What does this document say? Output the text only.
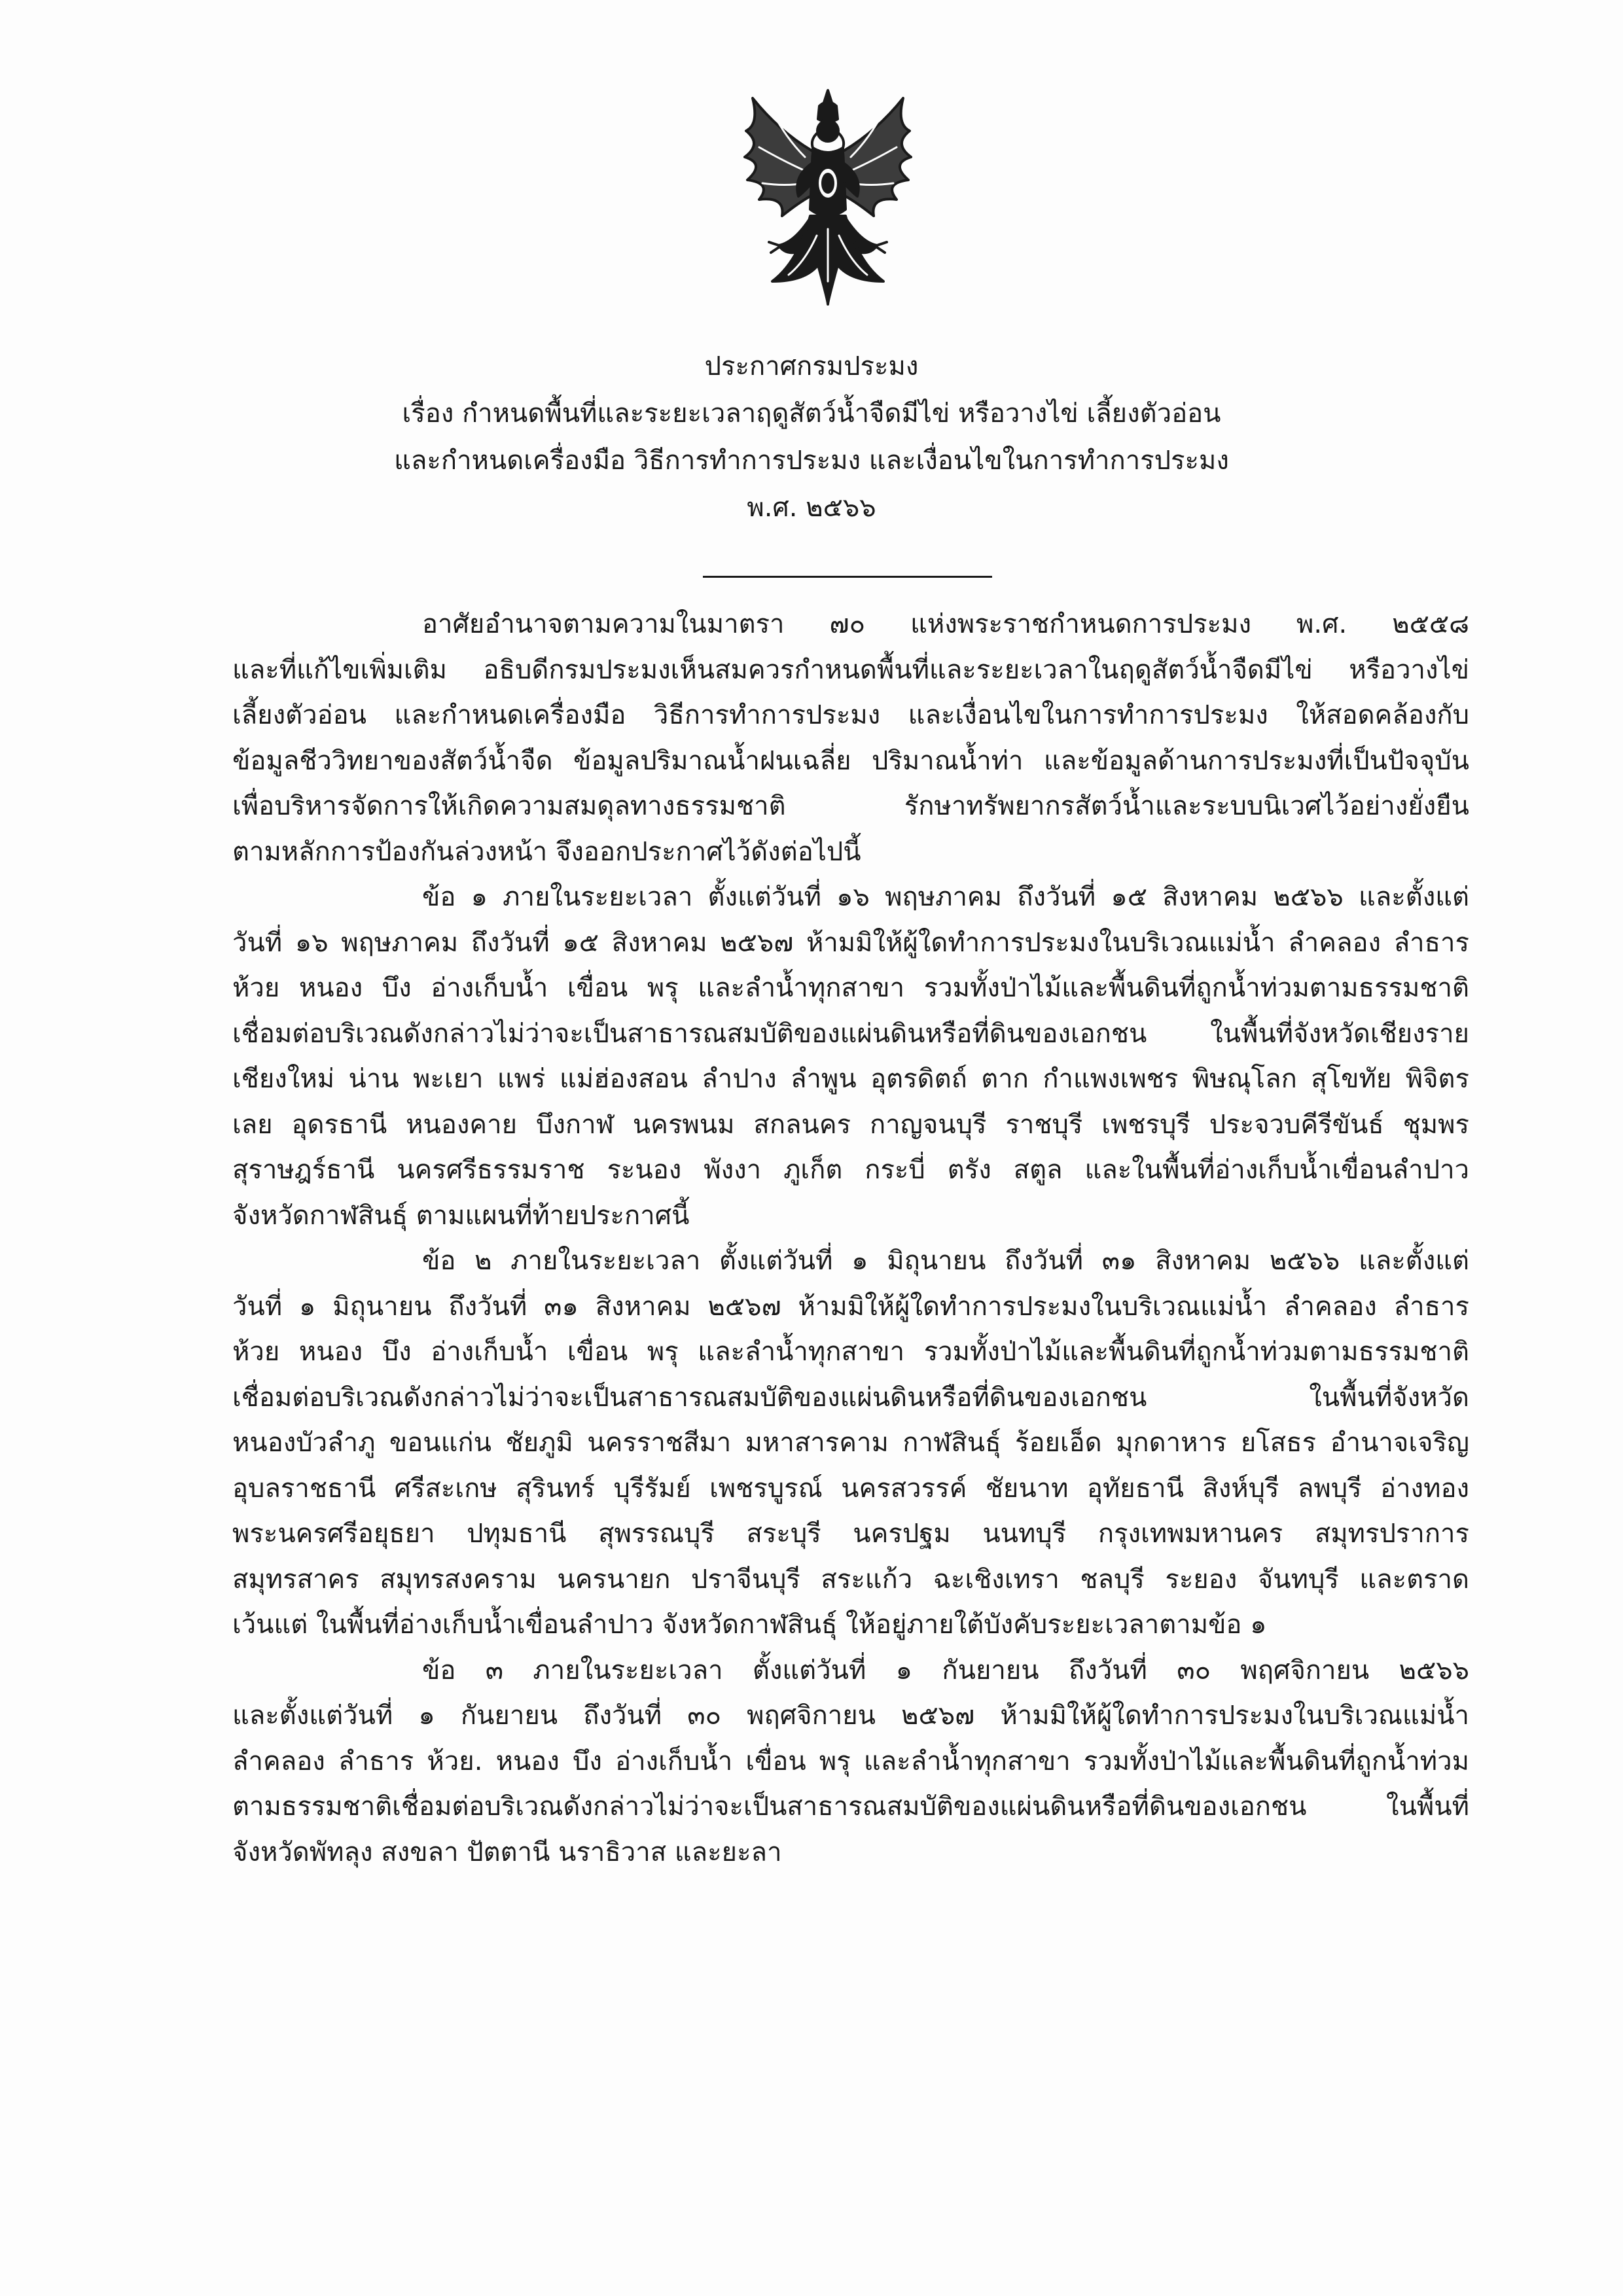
ประกาศกรมประมง
เรื่อง กำหนดพื้นที่และระยะเวลาฤดูสัตว์น้ำจืดมีไข่ หรือวางไข่ เลี้ยงตัวอ่อน
และกำหนดเครื่องมือ วิธีการทำการประมง และเงื่อนไขในการทำการประมง
พ.ศ. ๒๕๖๖

อาศัยอำนาจตามความในมาตรา ๗๐ แห่งพระราชกำหนดการประมง พ.ศ. ๒๕๕๘
และที่แก้ไขเพิ่มเติม อธิบดีกรมประมงเห็นสมควรกำหนดพื้นที่และระยะเวลาในฤดูสัตว์น้ำจืดมีไข่ หรือวางไข่
เลี้ยงตัวอ่อน และกำหนดเครื่องมือ วิธีการทำการประมง และเงื่อนไขในการทำการประมง ให้สอดคล้องกับ
ข้อมูลชีววิทยาของสัตว์น้ำจืด ข้อมูลปริมาณน้ำฝนเฉลี่ย ปริมาณน้ำท่า และข้อมูลด้านการประมงที่เป็นปัจจุบัน
เพื่อบริหารจัดการให้เกิดความสมดุลทางธรรมชาติ รักษาทรัพยากรสัตว์น้ำและระบบนิเวศไว้อย่างยั่งยืน
ตามหลักการป้องกันล่วงหน้า จึงออกประกาศไว้ดังต่อไปนี้

ข้อ ๑ ภายในระยะเวลา ตั้งแต่วันที่ ๑๖ พฤษภาคม ถึงวันที่ ๑๕ สิงหาคม ๒๕๖๖ และตั้งแต่
วันที่ ๑๖ พฤษภาคม ถึงวันที่ ๑๕ สิงหาคม ๒๕๖๗ ห้ามมิให้ผู้ใดทำการประมงในบริเวณแม่น้ำ ลำคลอง ลำธาร
ห้วย หนอง บึง อ่างเก็บน้ำ เขื่อน พรุ และลำน้ำทุกสาขา รวมทั้งป่าไม้และพื้นดินที่ถูกน้ำท่วมตามธรรมชาติ
เชื่อมต่อบริเวณดังกล่าวไม่ว่าจะเป็นสาธารณสมบัติของแผ่นดินหรือที่ดินของเอกชน ในพื้นที่จังหวัดเชียงราย
เชียงใหม่ น่าน พะเยา แพร่ แม่ฮ่องสอน ลำปาง ลำพูน อุตรดิตถ์ ตาก กำแพงเพชร พิษณุโลก สุโขทัย พิจิตร
เลย อุดรธานี หนองคาย บึงกาฬ นครพนม สกลนคร กาญจนบุรี ราชบุรี เพชรบุรี ประจวบคีรีขันธ์ ชุมพร
สุราษฎร์ธานี นครศรีธรรมราช ระนอง พังงา ภูเก็ต กระบี่ ตรัง สตูล และในพื้นที่อ่างเก็บน้ำเขื่อนลำปาว
จังหวัดกาฬสินธุ์ ตามแผนที่ท้ายประกาศนี้

ข้อ ๒ ภายในระยะเวลา ตั้งแต่วันที่ ๑ มิถุนายน ถึงวันที่ ๓๑ สิงหาคม ๒๕๖๖ และตั้งแต่
วันที่ ๑ มิถุนายน ถึงวันที่ ๓๑ สิงหาคม ๒๕๖๗ ห้ามมิให้ผู้ใดทำการประมงในบริเวณแม่น้ำ ลำคลอง ลำธาร
ห้วย หนอง บึง อ่างเก็บน้ำ เขื่อน พรุ และลำน้ำทุกสาขา รวมทั้งป่าไม้และพื้นดินที่ถูกน้ำท่วมตามธรรมชาติ
เชื่อมต่อบริเวณดังกล่าวไม่ว่าจะเป็นสาธารณสมบัติของแผ่นดินหรือที่ดินของเอกชน ในพื้นที่จังหวัด
หนองบัวลำภู ขอนแก่น ชัยภูมิ นครราชสีมา มหาสารคาม กาฬสินธุ์ ร้อยเอ็ด มุกดาหาร ยโสธร อำนาจเจริญ
อุบลราชธานี ศรีสะเกษ สุรินทร์ บุรีรัมย์ เพชรบูรณ์ นครสวรรค์ ชัยนาท อุทัยธานี สิงห์บุรี ลพบุรี อ่างทอง
พระนครศรีอยุธยา ปทุมธานี สุพรรณบุรี สระบุรี นครปฐม นนทบุรี กรุงเทพมหานคร สมุทรปราการ
สมุทรสาคร สมุทรสงคราม นครนายก ปราจีนบุรี สระแก้ว ฉะเชิงเทรา ชลบุรี ระยอง จันทบุรี และตราด
เว้นแต่ ในพื้นที่อ่างเก็บน้ำเขื่อนลำปาว จังหวัดกาฬสินธุ์ ให้อยู่ภายใต้บังคับระยะเวลาตามข้อ ๑

ข้อ ๓ ภายในระยะเวลา ตั้งแต่วันที่ ๑ กันยายน ถึงวันที่ ๓๐ พฤศจิกายน ๒๕๖๖
และตั้งแต่วันที่ ๑ กันยายน ถึงวันที่ ๓๐ พฤศจิกายน ๒๕๖๗ ห้ามมิให้ผู้ใดทำการประมงในบริเวณแม่น้ำ
ลำคลอง ลำธาร ห้วย. หนอง บึง อ่างเก็บน้ำ เขื่อน พรุ และลำน้ำทุกสาขา รวมทั้งป่าไม้และพื้นดินที่ถูกน้ำท่วม
ตามธรรมชาติเชื่อมต่อบริเวณดังกล่าวไม่ว่าจะเป็นสาธารณสมบัติของแผ่นดินหรือที่ดินของเอกชน ในพื้นที่
จังหวัดพัทลุง สงขลา ปัตตานี นราธิวาส และยะลา
